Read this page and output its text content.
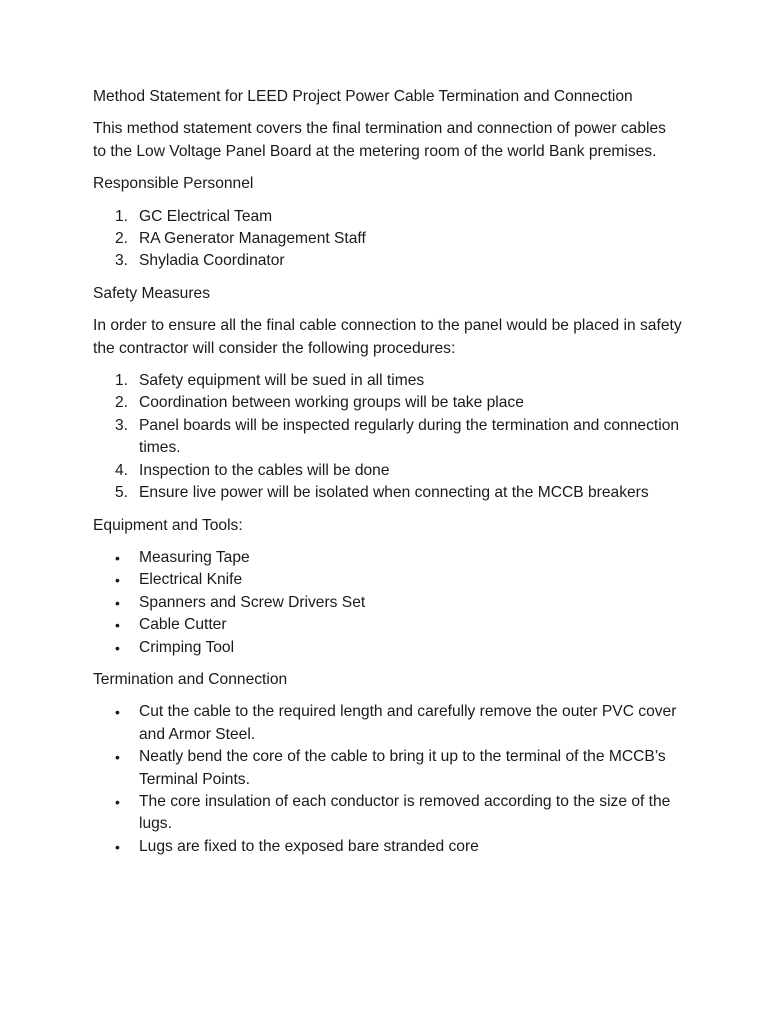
Method Statement for LEED Project Power Cable Termination and Connection

This method statement covers the final termination and connection of power cables to the Low Voltage Panel Board at the metering room of the world Bank premises.

Responsible Personnel
1. GC Electrical Team
2. RA Generator Management Staff
3. Shyladia Coordinator
Safety Measures

In order to ensure all the final cable connection to the panel would be placed in safety the contractor will consider the following procedures:

1. Safety equipment will be sued in all times
2. Coordination between working groups will be take place
3. Panel boards will be inspected regularly during the termination and connection times.
4. Inspection to the cables will be done
5. Ensure live power will be isolated when connecting at the MCCB breakers
Equipment and Tools:
• Measuring Tape
• Electrical Knife
• Spanners and Screw Drivers Set
• Cable Cutter
• Crimping Tool
Termination and Connection
• Cut the cable to the required length and carefully remove the outer PVC cover and Armor Steel.
• Neatly bend the core of the cable to bring it up to the terminal of the MCCB’s Terminal Points.
• The core insulation of each conductor is removed according to the size of the lugs.
• Lugs are fixed to the exposed bare stranded core
